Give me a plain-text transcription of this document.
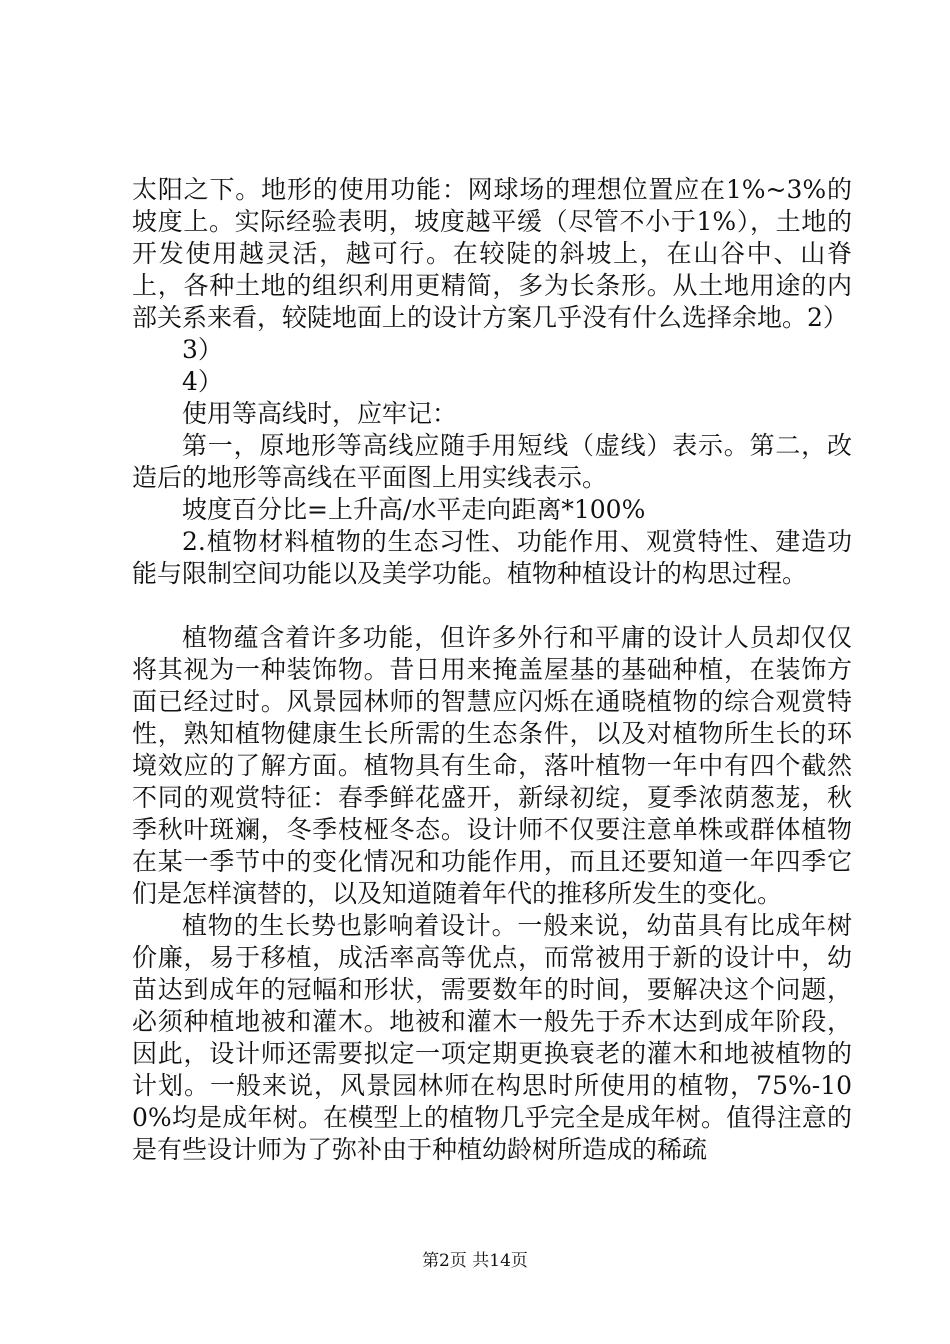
太阳之下。地形的使用功能：网球场的理想位置应在1%~3%的坡度上。实际经验表明，坡度越平缓（尽管不小于1%），土地的开发使用越灵活，越可行。在较陡的斜坡上，在山谷中、山脊上，各种土地的组织利用更精简，多为长条形。从土地用途的内部关系来看，较陡地面上的设计方案几乎没有什么选择余地。2）

3）

4）

使用等高线时，应牢记：

第一，原地形等高线应随手用短线（虚线）表示。第二，改造后的地形等高线在平面图上用实线表示。

坡度百分比=上升高/水平走向距离*100%

2.植物材料植物的生态习性、功能作用、观赏特性、建造功能与限制空间功能以及美学功能。植物种植设计的构思过程。

植物蕴含着许多功能，但许多外行和平庸的设计人员却仅仅将其视为一种装饰物。昔日用来掩盖屋基的基础种植，在装饰方面已经过时。风景园林师的智慧应闪烁在通晓植物的综合观赏特性，熟知植物健康生长所需的生态条件，以及对植物所生长的环境效应的了解方面。植物具有生命，落叶植物一年中有四个截然不同的观赏特征：春季鲜花盛开，新绿初绽，夏季浓荫葱茏，秋季秋叶斑斓，冬季枝桠冬态。设计师不仅要注意单株或群体植物在某一季节中的变化情况和功能作用，而且还要知道一年四季它们是怎样演替的，以及知道随着年代的推移所发生的变化。

植物的生长势也影响着设计。一般来说，幼苗具有比成年树价廉，易于移植，成活率高等优点，而常被用于新的设计中，幼苗达到成年的冠幅和形状，需要数年的时间，要解决这个问题，必须种植地被和灌木。地被和灌木一般先于乔木达到成年阶段，因此，设计师还需要拟定一项定期更换衰老的灌木和地被植物的计划。一般来说，风景园林师在构思时所使用的植物，75%-100%均是成年树。在模型上的植物几乎完全是成年树。值得注意的是有些设计师为了弥补由于种植幼龄树所造成的稀疏

第2页 共14页
